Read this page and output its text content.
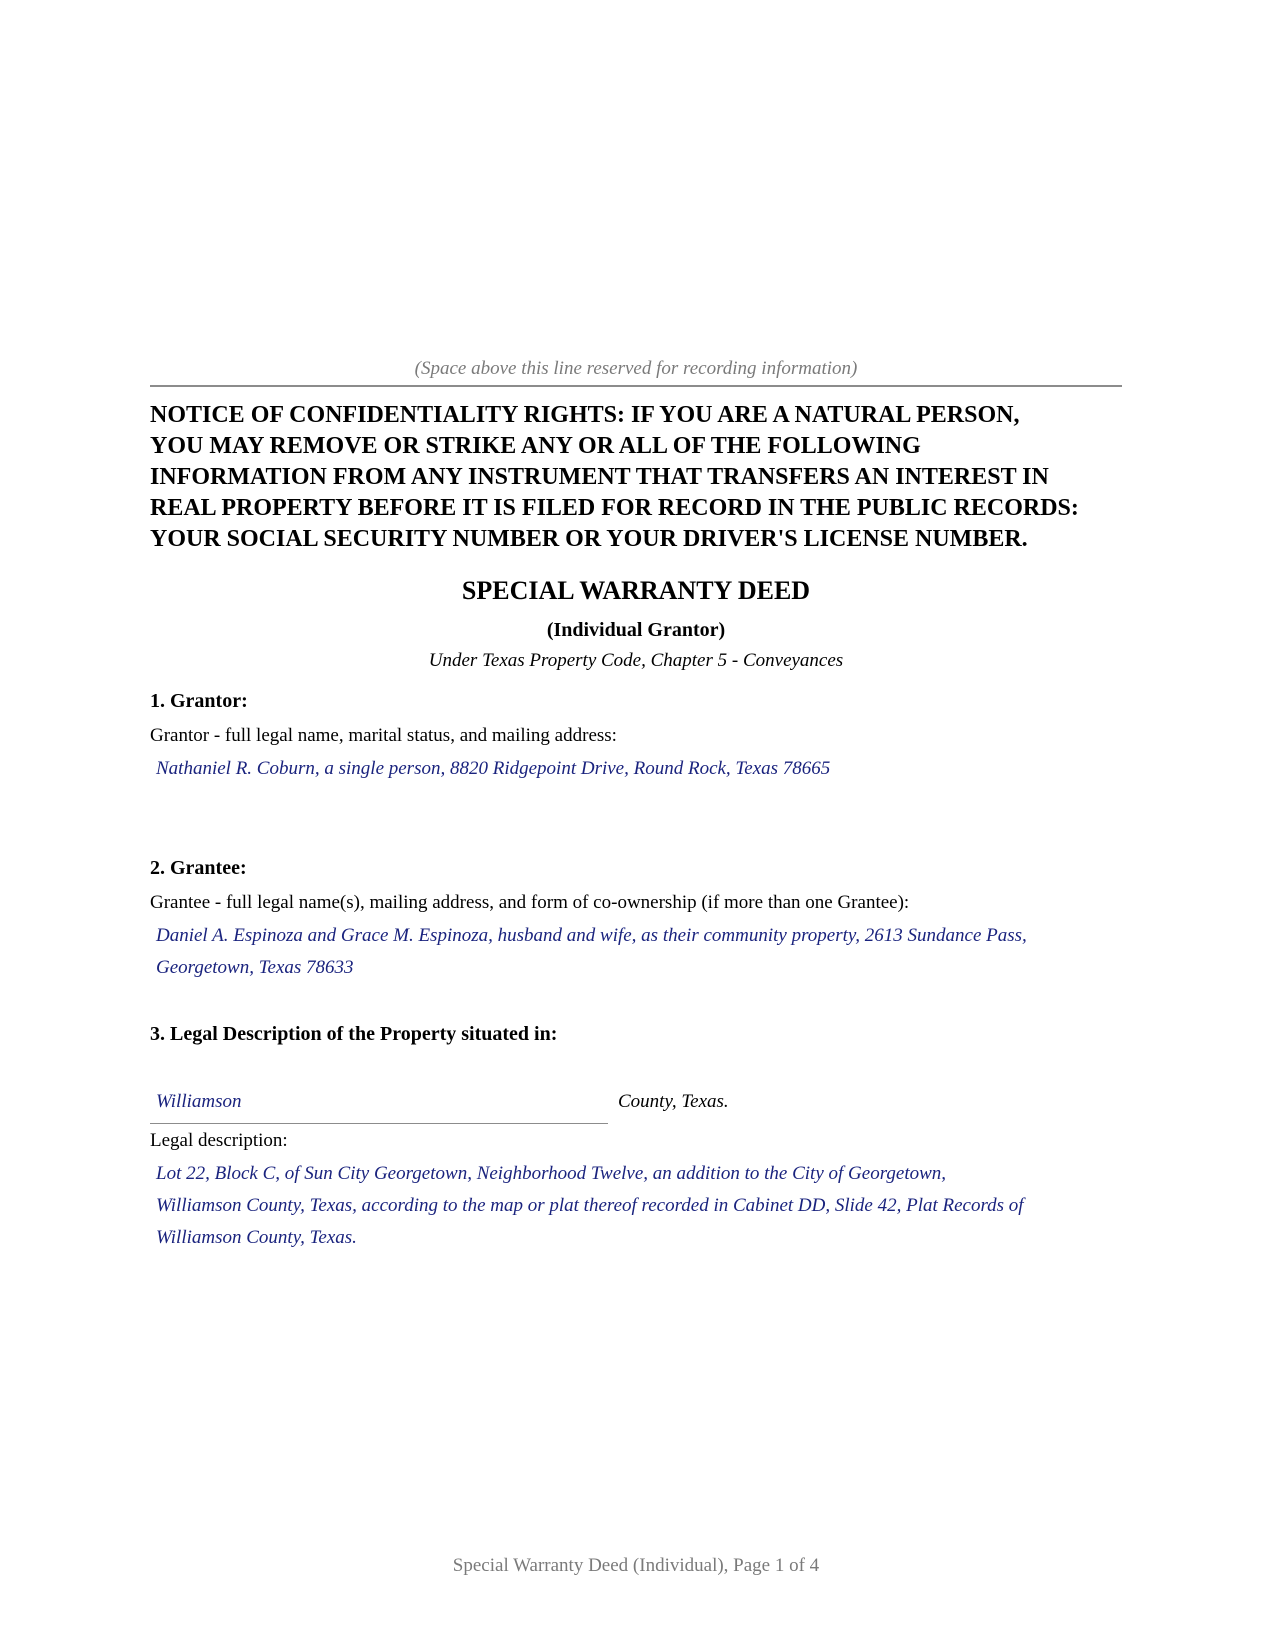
(Space above this line reserved for recording information)
NOTICE OF CONFIDENTIALITY RIGHTS: IF YOU ARE A NATURAL PERSON,
YOU MAY REMOVE OR STRIKE ANY OR ALL OF THE FOLLOWING
INFORMATION FROM ANY INSTRUMENT THAT TRANSFERS AN INTEREST IN
REAL PROPERTY BEFORE IT IS FILED FOR RECORD IN THE PUBLIC RECORDS:
YOUR SOCIAL SECURITY NUMBER OR YOUR DRIVER'S LICENSE NUMBER.
SPECIAL WARRANTY DEED
(Individual Grantor)
Under Texas Property Code, Chapter 5 - Conveyances
1. Grantor:
Grantor - full legal name, marital status, and mailing address:
Nathaniel R. Coburn, a single person, 8820 Ridgepoint Drive, Round Rock, Texas 78665
2. Grantee:
Grantee - full legal name(s), mailing address, and form of co-ownership (if more than one Grantee):
Daniel A. Espinoza and Grace M. Espinoza, husband and wife, as their community property, 2613 Sundance Pass,
Georgetown, Texas 78633
3. Legal Description of the Property situated in:
Williamson	County, Texas.
Legal description:
Lot 22, Block C, of Sun City Georgetown, Neighborhood Twelve, an addition to the City of Georgetown,
Williamson County, Texas, according to the map or plat thereof recorded in Cabinet DD, Slide 42, Plat Records of
Williamson County, Texas.
Special Warranty Deed (Individual), Page 1 of 4
